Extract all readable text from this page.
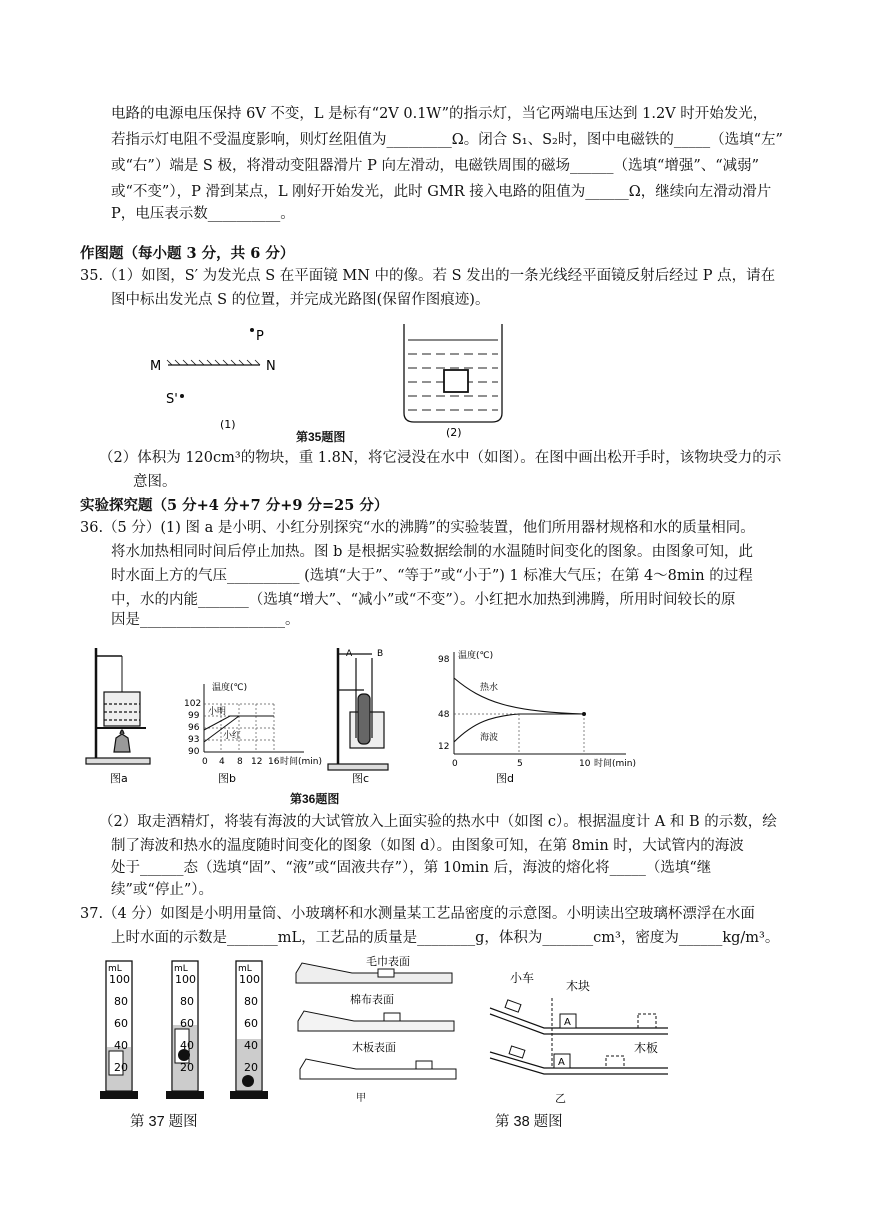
电路的电源电压保持 6V 不变，L 是标有“2V 0.1W”的指示灯，当它两端电压达到 1.2V 时开始发光，
若指示灯电阻不受温度影响，则灯丝阻值为_________Ω。闭合 S₁、S₂时，图中电磁铁的_____（选填“左”
或“右”）端是 S 极，将滑动变阻器滑片 P 向左滑动，电磁铁周围的磁场______（选填“增强”、“减弱”
或“不变”），P 滑到某点，L 刚好开始发光，此时 GMR 接入电路的阻值为______Ω，继续向左滑动滑片
P，电压表示数__________。
作图题（每小题 3 分，共 6 分）
35.（1）如图，S′ 为发光点 S 在平面镜 MN 中的像。若 S 发出的一条光线经平面镜反射后经过 P 点，请在
图中标出发光点 S 的位置，并完成光路图(保留作图痕迹)。
P
M	N
S'
(1)
(2)
第35题图
（2）体积为 120cm³的物块，重 1.8N，将它浸没在水中（如图）。在图中画出松开手时，该物块受力的示
意图。
实验探究题（5 分+4 分+7 分+9 分=25 分）
36.（5 分）(1) 图 a 是小明、小红分别探究“水的沸腾”的实验装置，他们所用器材规格和水的质量相同。
将水加热相同时间后停止加热。图 b 是根据实验数据绘制的水温随时间变化的图象。由图象可知，此
时水面上方的气压__________ (选填“大于”、“等于”或“小于”) 1 标准大气压；在第 4～8min 的过程
中，水的内能_______（选填“增大”、“减小”或“不变”）。小红把水加热到沸腾，所用时间较长的原
因是____________________。
图a
温度(℃)
102
99
96
93
90
0 4 8 12 16 时间(min)
小明
小红
图b
A	B
图c
温度(℃)
98
48
12
0	5	10 时间(min)
热水
海波
图d
第36题图
（2）取走酒精灯，将装有海波的大试管放入上面实验的热水中（如图 c）。根据温度计 A 和 B 的示数，绘
制了海波和热水的温度随时间变化的图象（如图 d）。由图象可知，在第 8min 时，大试管内的海波
处于______态（选填“固”、“液”或“固液共存”），第 10min 后，海波的熔化将_____（选填“继
续”或“停止”）。
37.（4 分）如图是小明用量筒、小玻璃杯和水测量某工艺品密度的示意图。小明读出空玻璃杯漂浮在水面
上时水面的示数是_______mL，工艺品的质量是________g，体积为_______cm³，密度为______kg/m³。
mL
100
80
60
40
20
mL
100
80
60
40
20
mL
100
80
60
40
20
第 37 题图
毛巾表面
棉布表面
木板表面
甲
小车
木块
A
木板
A
乙
第 38 题图
